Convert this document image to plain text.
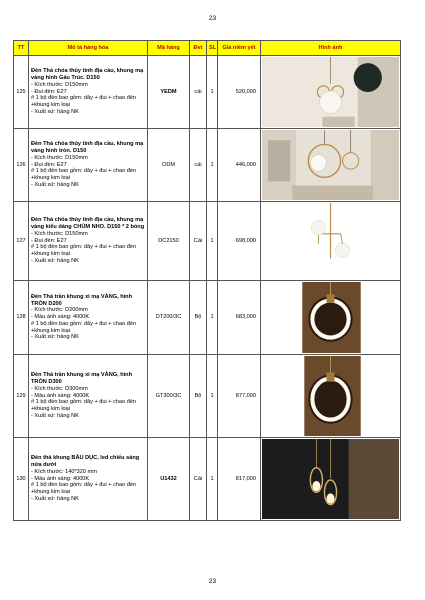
23
TT	Mô tả hàng hóa	Mã hàng	Đvt	SL	Giá niêm yết	Hình ảnh
125	Đèn Thả chóa thủy tinh địa cầu, khung mạ vàng hình Gấu Trúc. D150
- Kích thước: D150mm
- Đui đèn: E27
# 1 bộ đèn bao gồm: dây + đui + chao đèn +khung kim loại
- Xuất xứ: hàng NK	YEDM	cái	1	520,000	

126	Đèn Thả chóa thủy tinh địa cầu, khung mạ vàng hình tròn. D150
- Kích thước: D150mm
- Đui đèn: E27
# 1 bộ đèn bao gồm: dây + đui + chao đèn +khung kim loại
- Xuất xứ: hàng NK	ODM	cái	1	446,000	

127	Đèn Thả chóa thủy tinh địa cầu, khung mạ vàng kiểu dáng CHÙM NHO. D150 * 2 bóng
- Kích thước: D150mm
- Đui đèn: E27
# 1 bộ đèn bao gồm: dây + đui + chao đèn +khung kim loại
- Xuất xứ: hàng NK	DC2150	Cái	1	698,000	

128	Đèn Thả trần khung xi mạ VÀNG, hình TRÒN D200
- Kích thước: D200mm
- Màu ánh sáng: 4000K
# 1 bộ đèn bao gồm: dây + đui + chao đèn +khung kim loại
- Xuất xứ: hàng NK	DT200/3C	Bộ	1	683,000	

129	Đèn Thả trần khung xi mạ VÀNG, hình TRÒN D300
- Kích thước: D300mm
- Màu ánh sáng: 4000K
# 1 bộ đèn bao gồm: dây + đui + chao đèn +khung kim loại
- Xuất xứ: hàng NK	GT300/3C	Bộ	1	877,000	

130	Đèn thả khung BẦU DỤC, led chiếu sáng nửa dưới
- Kích thước: 140*320 mm
- Màu ánh sáng: 4000K
# 1 bộ đèn bao gồm: dây + đui + chao đèn +khung kim loại
- Xuất xứ: hàng NK	U1432	Cái	1	817,000	
23
